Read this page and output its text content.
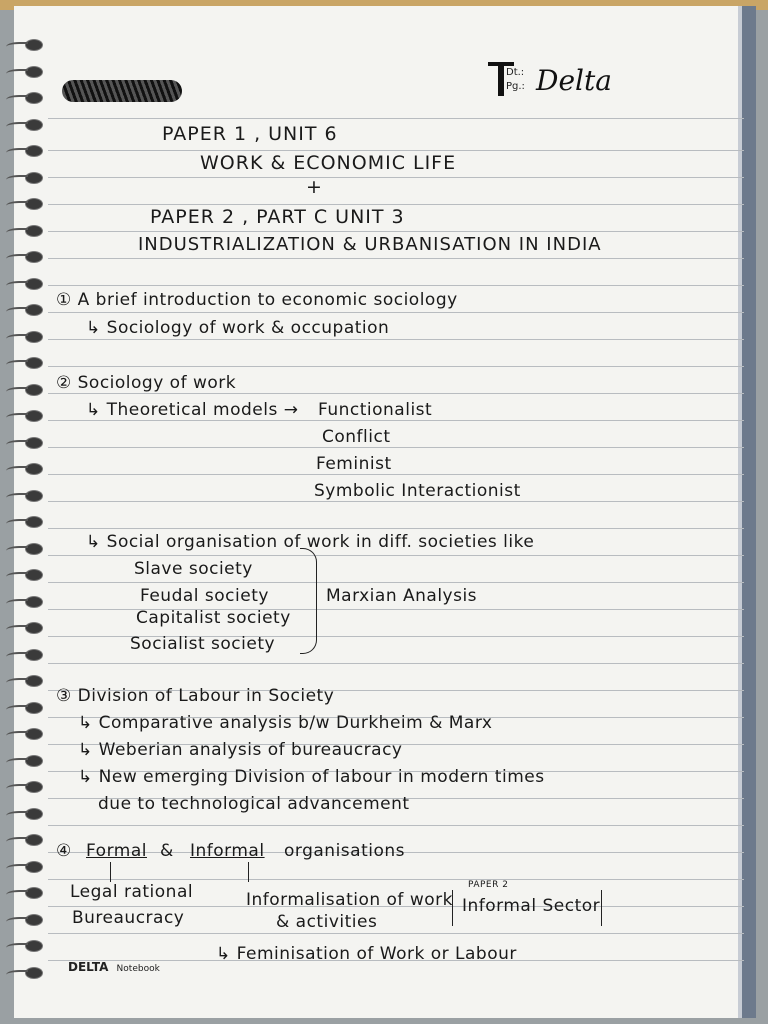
Dt.:
Pg.: Delta
PAPER 1 , UNIT 6
WORK & ECONOMIC LIFE
+
PAPER 2 , PART C UNIT 3
INDUSTRIALIZATION & URBANISATION IN INDIA
① A brief introduction to economic sociology
↳ Sociology of work & occupation
② Sociology of work
↳ Theoretical models → Functionalist
Conflict
Feminist
Symbolic Interactionist
↳ Social organisation of work in diff. societies like
Slave society
Feudal society
Capitalist society
Socialist society
Marxian Analysis
③ Division of Labour in Society
↳ Comparative analysis b/w Durkheim & Marx
↳ Weberian analysis of bureaucracy
↳ New emerging Division of labour in modern times
due to technological advancement
④ Formal & Informal organisations
Legal rational
Bureaucracy
Informalisation of work
& activities
PAPER 2
Informal Sector
↳ Feminisation of Work or Labour
DELTA Notebook
